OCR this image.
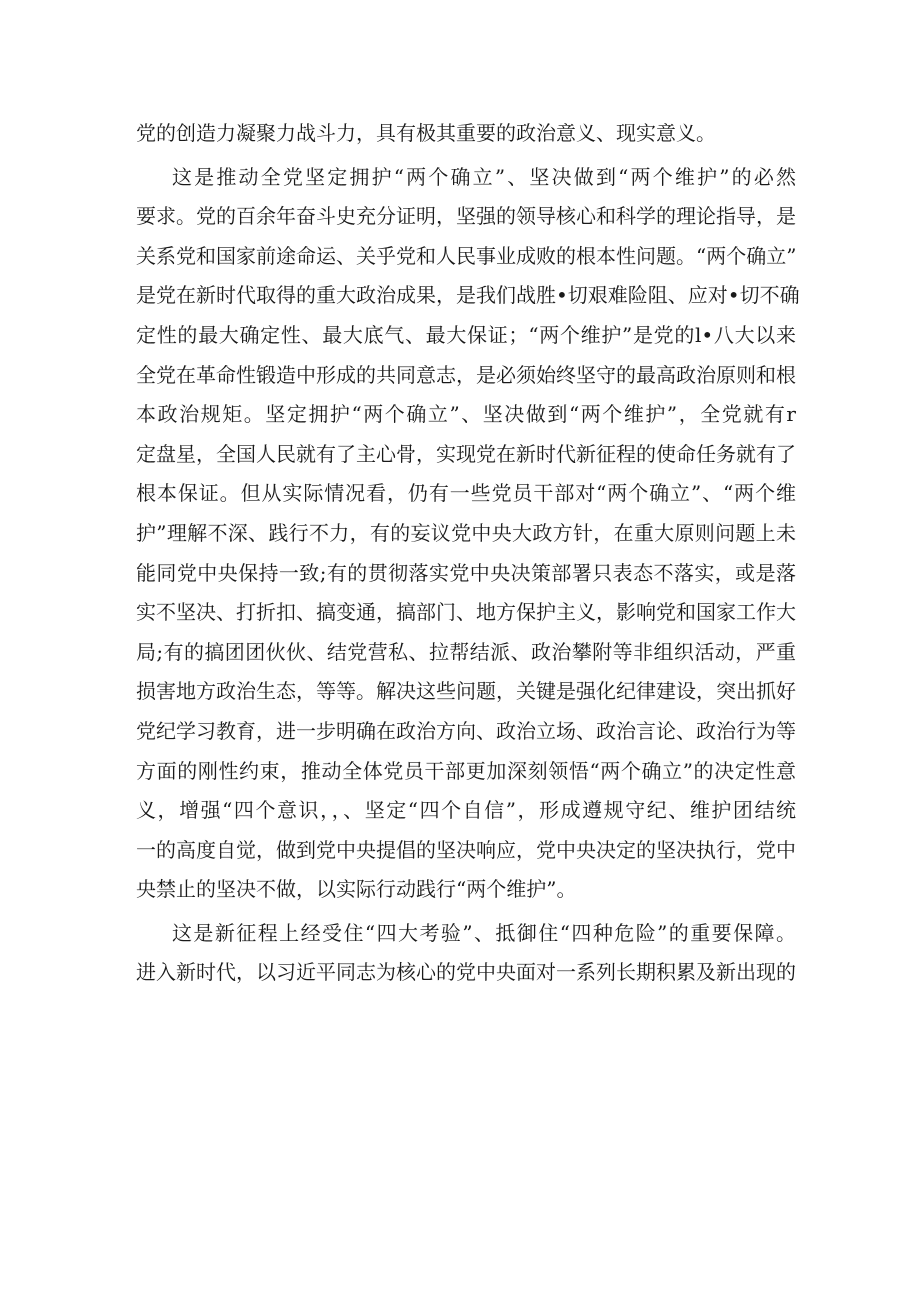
党的创造力凝聚力战斗力，具有极其重要的政治意义、现实意义。
这是推动全党坚定拥护“两个确立”、坚决做到“两个维护”的必然
要求。党的百余年奋斗史充分证明，坚强的领导核心和科学的理论指导，是
关系党和国家前途命运、关乎党和人民事业成败的根本性问题。“两个确立”
是党在新时代取得的重大政治成果，是我们战胜•切艰难险阻、应对•切不确
定性的最大确定性、最大底气、最大保证；“两个维护”是党的l•八大以来
全党在革命性锻造中形成的共同意志，是必须始终坚守的最高政治原则和根
本政治规矩。坚定拥护“两个确立”、坚决做到“两个维护”，全党就有r
定盘星，全国人民就有了主心骨，实现党在新时代新征程的使命任务就有了
根本保证。但从实际情况看，仍有一些党员干部对“两个确立”、“两个维
护”理解不深、践行不力，有的妄议党中央大政方针，在重大原则问题上未
能同党中央保持一致;有的贯彻落实党中央决策部署只表态不落实，或是落
实不坚决、打折扣、搞变通，搞部门、地方保护主义，影响党和国家工作大
局;有的搞团团伙伙、结党营私、拉帮结派、政治攀附等非组织活动，严重
损害地方政治生态，等等。解决这些问题，关键是强化纪律建设，突出抓好
党纪学习教育，进一步明确在政治方向、政治立场、政治言论、政治行为等
方面的刚性约束，推动全体党员干部更加深刻领悟“两个确立”的决定性意
义，增强“四个意识，，、坚定“四个自信”，形成遵规守纪、维护团结统
一的高度自觉，做到党中央提倡的坚决响应，党中央决定的坚决执行，党中
央禁止的坚决不做，以实际行动践行“两个维护”。
这是新征程上经受住“四大考验”、抵御住“四种危险”的重要保障。
进入新时代，以习近平同志为核心的党中央面对一系列长期积累及新出现的
